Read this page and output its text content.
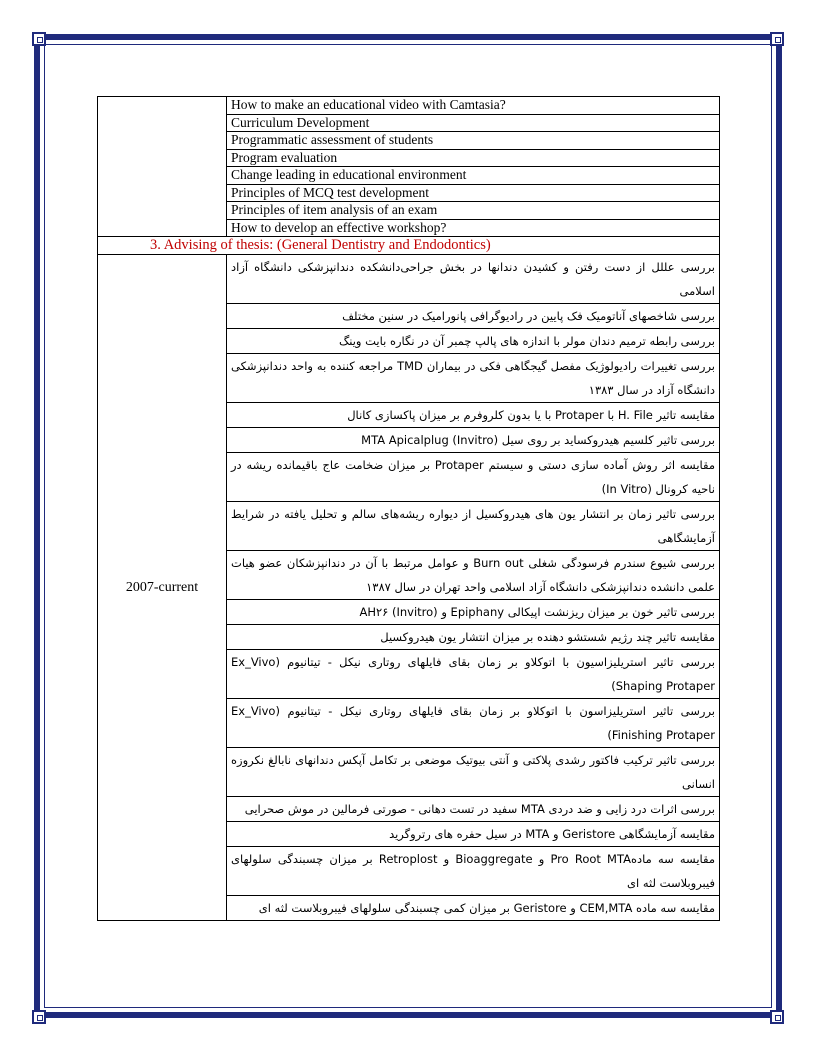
	How to make an educational video with Camtasia?
	Curriculum Development
	Programmatic assessment of students
	Program evaluation
	Change leading in educational environment
	Principles of MCQ test development
	Principles of item analysis of an exam
	How to develop an effective workshop?
3. Advising of thesis: (General Dentistry and Endodontics)	
2007-current	بررسی عللل از دست رفتن و کشیدن دندانها در بخش جراحی‌دانشکده دندانپزشکی دانشگاه آزاد اسلامی
	بررسی شاخصهای آناتومیک فک پایین در رادیوگرافی پانورامیک در سنین مختلف
	بررسی رابطه ترمیم دندان مولر با اندازه های پالپ چمبر آن در نگاره بایت وینگ
	بررسی تغییرات رادیولوژیک مفصل گیجگاهی فکی در بیماران TMD مراجعه کننده به واحد دندانپزشکی دانشگاه آزاد در سال ۱۳۸۳
	مقایسه تاثیر H. File با Protaper با یا بدون کلروفرم بر میزان پاکسازی کانال
	بررسی تاثیر کلسیم هیدروکساید بر روی سیل MTA Apicalplug (Invitro)
	مقایسه اثر روش آماده سازی دستی و سیستم Protaper بر میزان ضخامت عاج باقیمانده ریشه در ناحیه کرونال (In Vitro)
	بررسی تاثیر زمان بر انتشار یون های هیدروکسیل از دیواره ریشه‌های سالم و تحلیل یافته در شرایط آزمایشگاهی
	بررسی شیوع سندرم فرسودگی شغلی Burn out و عوامل مرتبط با آن در دندانپزشکان عضو هیات علمی دانشده دندانپزشکی دانشگاه آزاد اسلامی واحد تهران در سال ۱۳۸۷
	بررسی تاثیر خون بر میزان ریزنشت اپیکالی Epiphany و AH۲۶ (Invitro)
	مقایسه تاثیر چند رژیم شستشو دهنده بر میزان انتشار یون هیدروکسیل
	بررسی تاثیر استریلیزاسیون با اتوکلاو بر زمان بقای فایلهای روتاری نیکل - تیتانیوم (Ex_Vivo Shaping Protaper)
	بررسی تاثیر استریلیزاسون با اتوکلاو بر زمان بقای فایلهای روتاری نیکل - تیتانیوم (Ex_Vivo Finishing Protaper)
	بررسی تاثیر ترکیب فاکتور رشدی پلاکتی و آنتی بیوتیک موضعی بر تکامل آپکس دندانهای نابالغ نکروزه انسانی
	بررسی اثرات درد زایی و ضد دردی MTA سفید در تست دهانی - صورتی فرمالین در موش صحرایی
	مقایسه آزمایشگاهی Geristore و MTA در سیل حفره های رتروگرید
	مقایسه سه مادهPro Root MTA و Bioaggregate و Retroplost بر میزان چسبندگی سلولهای فیبروبلاست لثه ای
	مقایسه سه ماده CEM,MTA و Geristore بر میزان کمی چسبندگی سلولهای فیبروبلاست لثه ای
